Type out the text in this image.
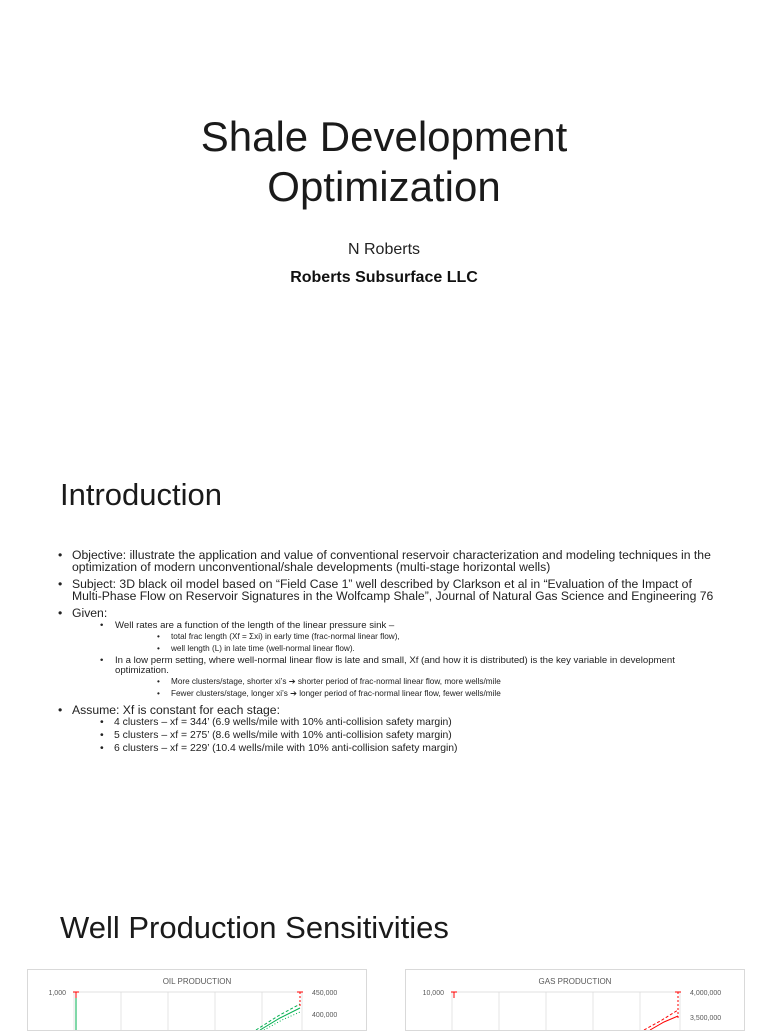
Shale Development
Optimization
N Roberts
Roberts Subsurface LLC
Introduction
• Objective: illustrate the application and value of conventional reservoir characterization and modeling techniques in the optimization of modern unconventional/shale developments (multi-stage horizontal wells)
• Subject: 3D black oil model based on “Field Case 1” well described by Clarkson et al in “Evaluation of the Impact of Multi-Phase Flow on Reservoir Signatures in the Wolfcamp Shale”, Journal of Natural Gas Science and Engineering 76
• Given:
• Well rates are a function of the length of the linear pressure sink –
• total frac length (Xf = Σxi) in early time (frac-normal linear flow),
• well length (L) in late time (well-normal linear flow).
• In a low perm setting, where well-normal linear flow is late and small, Xf (and how it is distributed) is the key variable in development optimization.
• More clusters/stage, shorter xi’s ➔ shorter period of frac-normal linear flow, more wells/mile
• Fewer clusters/stage, longer xi’s ➔ longer period of frac-normal linear flow, fewer wells/mile
• Assume: Xf is constant for each stage:
• 4 clusters – xf = 344’ (6.9 wells/mile with 10% anti-collision safety margin)
• 5 clusters – xf = 275’ (8.6 wells/mile with 10% anti-collision safety margin)
• 6 clusters – xf = 229’ (10.4 wells/mile with 10% anti-collision safety margin)
Well Production Sensitivities
OIL PRODUCTION
1,000	450,000
400,000
GAS PRODUCTION
10,000	4,000,000
3,500,000
